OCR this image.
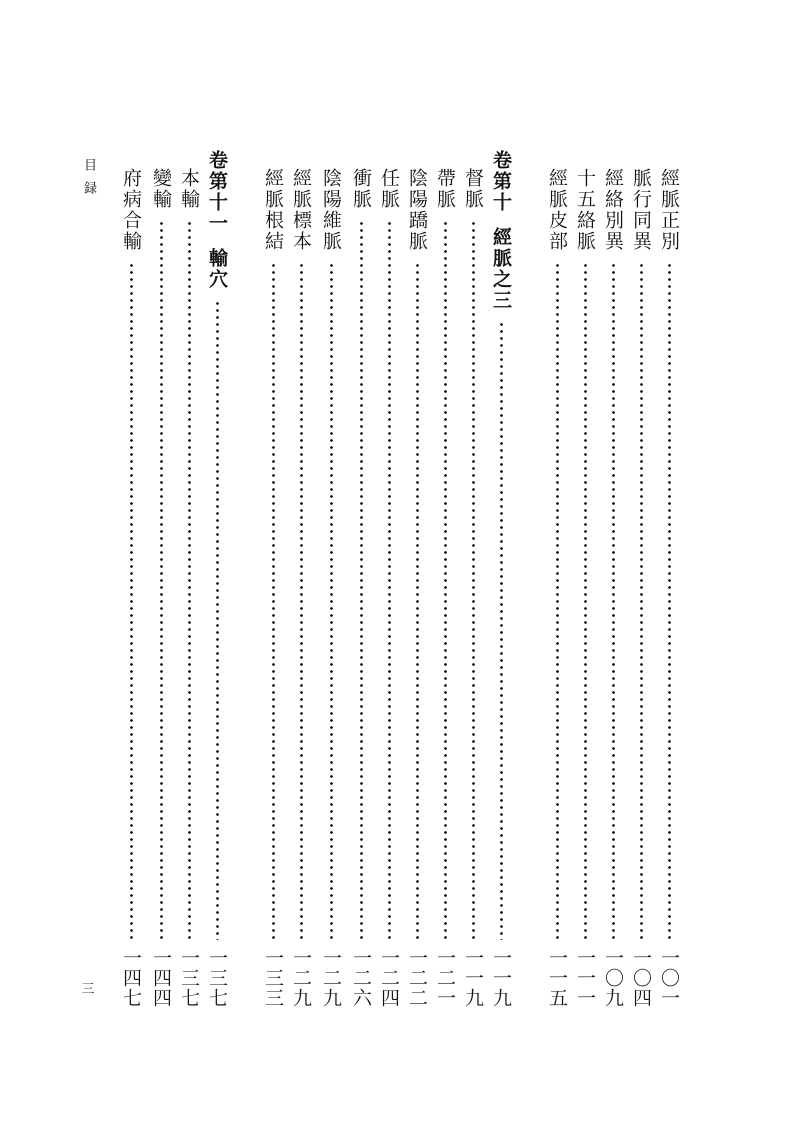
目録	經脈正別
一〇一
脈行同異
一〇四
經絡別異
一〇九
十五絡脈
一一一
經脈皮部
一一五
卷第十
經脈之三
一一九
督脈
一一九
帶脈
一二一
陰陽蹻脈
一二二
任脈
一二四
衝脈
一二六
陰陽維脈
一二九
經脈標本
一二九
經脈根結
一三三
卷第十一
輸穴
一三七
本輸
一三七
變輸
一四四
府病合輸
一四七
三
